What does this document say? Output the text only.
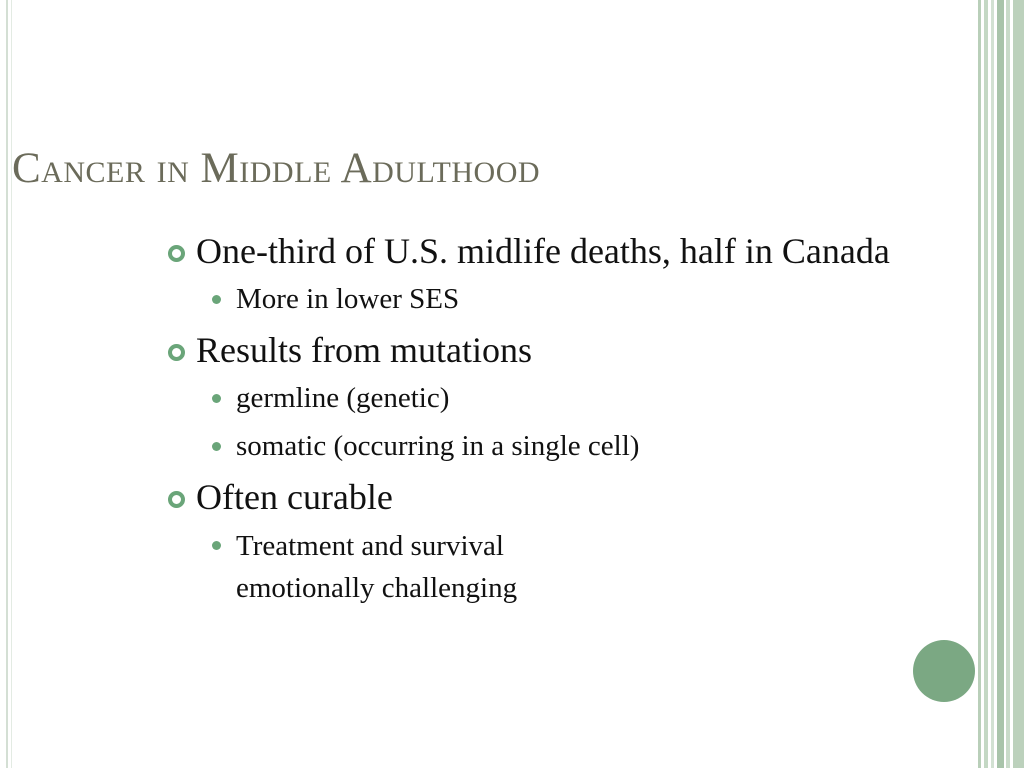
Cancer in Middle Adulthood
One-third of U.S. midlife deaths, half in Canada
More in lower SES
Results from mutations
germline (genetic)
somatic (occurring in a single cell)
Often curable
Treatment and survival emotionally challenging
